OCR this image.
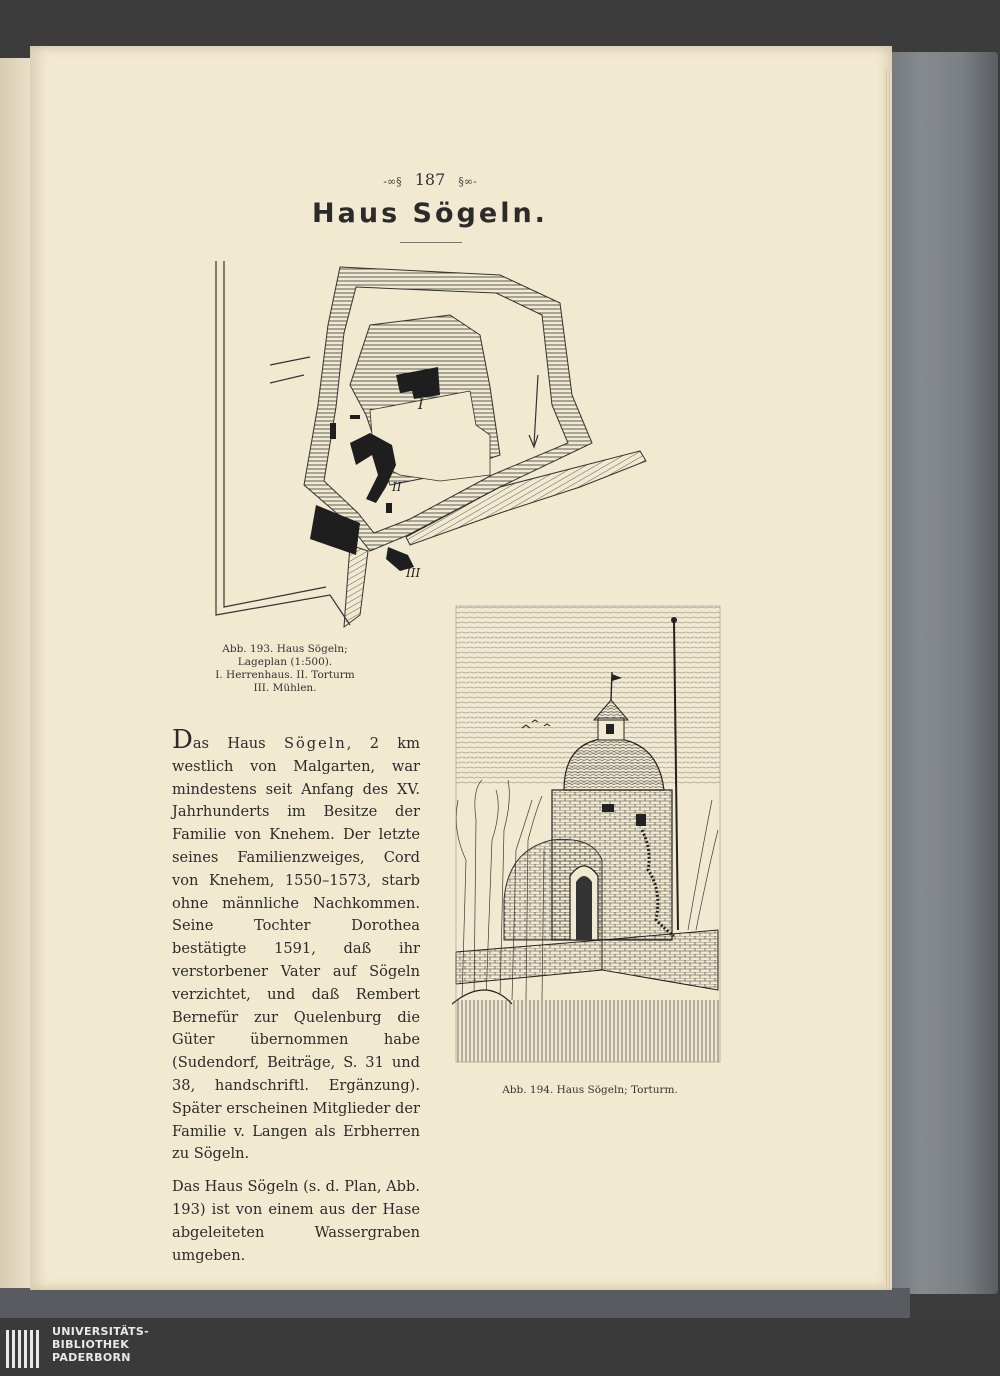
-∞§ 187 §∞-
Haus Sögeln.
I
II
III
Abb. 193. Haus Sögeln;
Lageplan (1:500).
I. Herrenhaus. II. Torturm
III. Mühlen.
Abb. 194. Haus Sögeln; Torturm.

Das Haus Sögeln, 2 km westlich von Malgarten, war mindestens seit Anfang des XV. Jahrhunderts im Besitze der Familie von Knehem. Der letzte seines Familienzweiges, Cord von Knehem, 1550–1573, starb ohne männliche Nachkommen. Seine Tochter Dorothea bestätigte 1591, daß ihr verstorbener Vater auf Sögeln verzichtet, und daß Rembert Bernefür zur Quelenburg die Güter übernommen habe (Sudendorf, Beiträge, S. 31 und 38, handschriftl. Ergänzung). Später erscheinen Mitglieder der Familie v. Langen als Erbherren zu Sögeln.

Das Haus Sögeln (s. d. Plan, Abb. 193) ist von einem aus der Hase abgeleiteten Wassergraben umgeben.

UNIVERSITÄTS-
BIBLIOTHEK
PADERBORN
